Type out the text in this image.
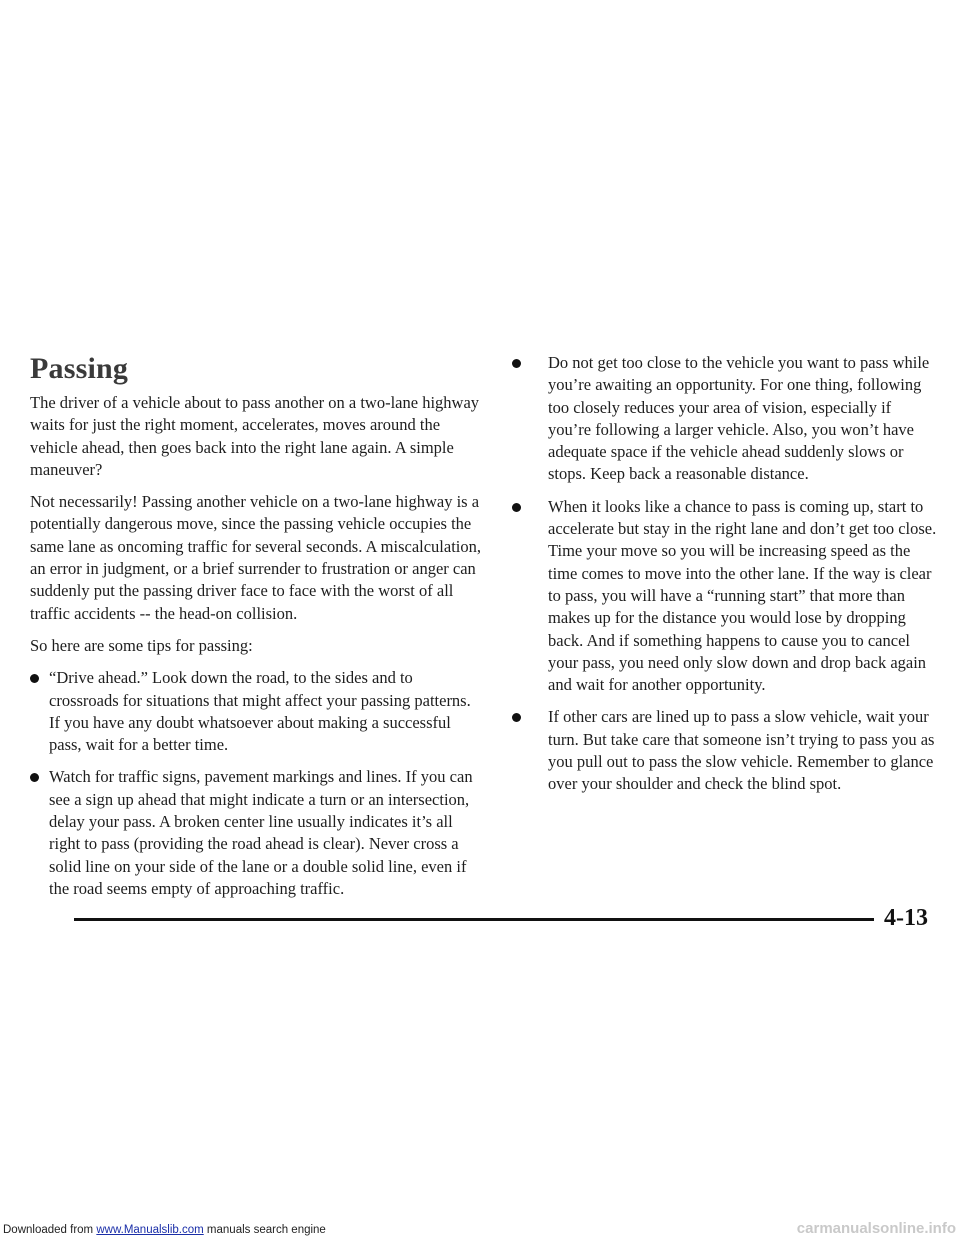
Passing

The driver of a vehicle about to pass another on a two-lane highway waits for just the right moment, accelerates, moves around the vehicle ahead, then goes back into the right lane again. A simple maneuver?

Not necessarily! Passing another vehicle on a two-lane highway is a potentially dangerous move, since the passing vehicle occupies the same lane as oncoming traffic for several seconds. A miscalculation, an error in judgment, or a brief surrender to frustration or anger can suddenly put the passing driver face to face with the worst of all traffic accidents -- the head-on collision.

So here are some tips for passing:

“Drive ahead.” Look down the road, to the sides and to crossroads for situations that might affect your passing patterns. If you have any doubt whatsoever about making a successful pass, wait for a better time.
Watch for traffic signs, pavement markings and lines. If you can see a sign up ahead that might indicate a turn or an intersection, delay your pass. A broken center line usually indicates it’s all right to pass (providing the road ahead is clear). Never cross a solid line on your side of the lane or a double solid line, even if the road seems empty of approaching traffic.
Do not get too close to the vehicle you want to pass while you’re awaiting an opportunity. For one thing, following too closely reduces your area of vision, especially if you’re following a larger vehicle. Also, you won’t have adequate space if the vehicle ahead suddenly slows or stops. Keep back a reasonable distance.
When it looks like a chance to pass is coming up, start to accelerate but stay in the right lane and don’t get too close. Time your move so you will be increasing speed as the time comes to move into the other lane. If the way is clear to pass, you will have a “running start” that more than makes up for the distance you would lose by dropping back. And if something happens to cause you to cancel your pass, you need only slow down and drop back again and wait for another opportunity.
If other cars are lined up to pass a slow vehicle, wait your turn. But take care that someone isn’t trying to pass you as you pull out to pass the slow vehicle. Remember to glance over your shoulder and check the blind spot.
4-13
Downloaded from www.Manualslib.com manuals search engine	carmanualsonline.info
